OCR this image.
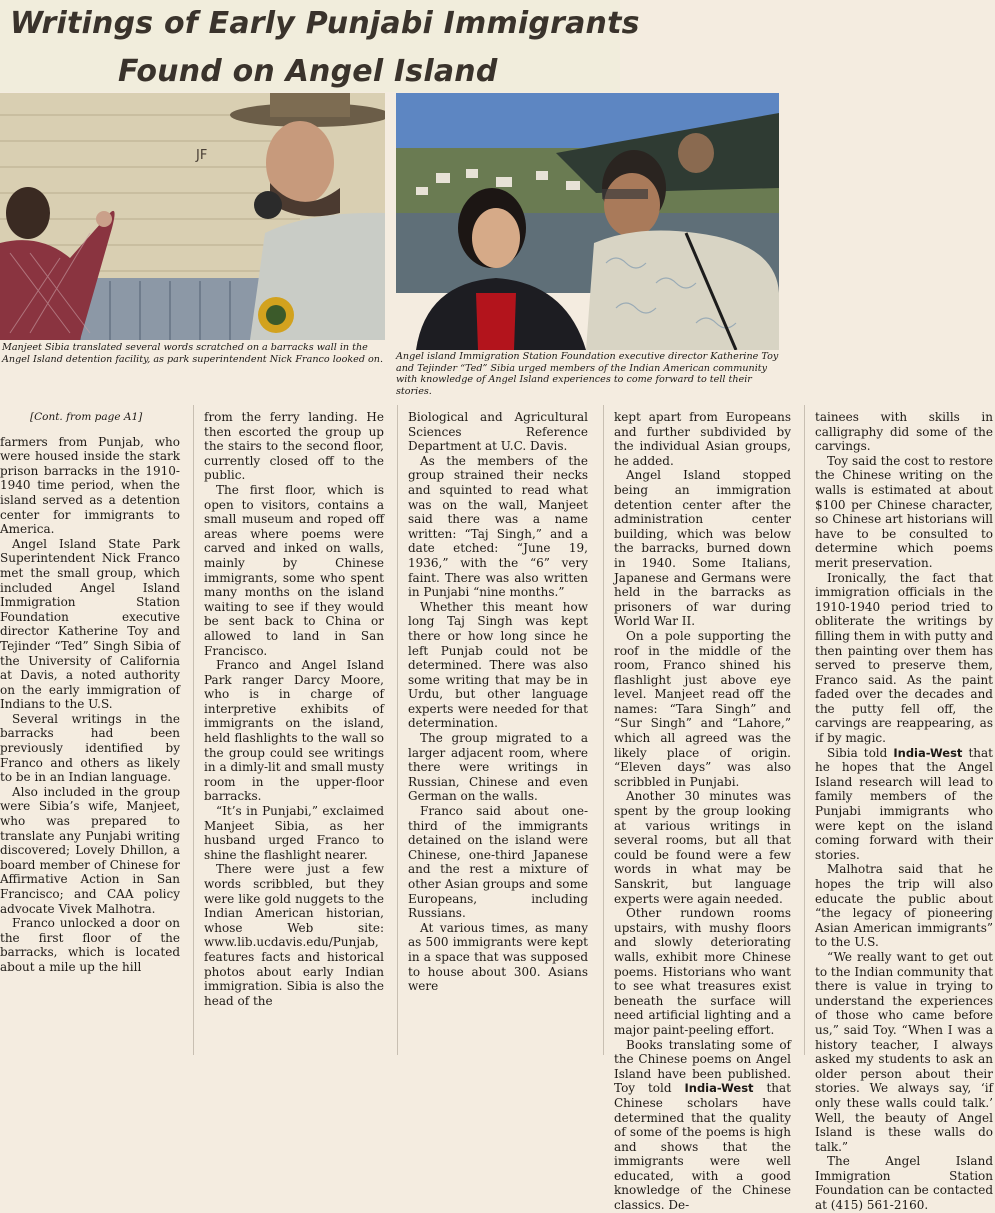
Writings of Early Punjabi Immigrants
Found on Angel Island
JF

Manjeet Sibia translated several words scratched on a barracks wall in the Angel Island detention facility, as park superintendent Nick Franco looked on.	Angel island Immigration Station Foundation executive director Katherine Toy and Tejinder “Ted” Sibia urged members of the Indian American community with knowledge of Angel Island experiences to come forward to tell their stories.

[Cont. from page A1]

farmers from Punjab, who were housed inside the stark prison barracks in the 1910-1940 time period, when the island served as a detention center for immigrants to America.

Angel Island State Park Superintendent Nick Franco met the small group, which included Angel Island Immigration Station Foundation executive director Katherine Toy and Tejinder “Ted” Singh Sibia of the University of California at Davis, a noted authority on the early immigration of Indians to the U.S.

Several writings in the barracks had been previously identified by Franco and others as likely to be in an Indian language.

Also included in the group were Sibia’s wife, Manjeet, who was prepared to translate any Punjabi writing discovered; Lovely Dhillon, a board member of Chinese for Affirmative Action in San Francisco; and CAA policy advocate Vivek Malhotra.

Franco unlocked a door on the first floor of the barracks, which is located about a mile up the hill

from the ferry landing. He then escorted the group up the stairs to the second floor, currently closed off to the public.

The first floor, which is open to visitors, contains a small museum and roped off areas where poems were carved and inked on walls, mainly by Chinese immigrants, some who spent many months on the island waiting to see if they would be sent back to China or allowed to land in San Francisco.

Franco and Angel Island Park ranger Darcy Moore, who is in charge of interpretive exhibits of immigrants on the island, held flashlights to the wall so the group could see writings in a dimly-lit and small musty room in the upper-floor barracks.

“It’s in Punjabi,” exclaimed Manjeet Sibia, as her husband urged Franco to shine the flashlight nearer.

There were just a few words scribbled, but they were like gold nuggets to the Indian American historian, whose Web site: www.lib.ucdavis.edu/Punjab, features facts and historical photos about early Indian immigration. Sibia is also the head of the

Biological and Agricultural Sciences Reference Department at U.C. Davis.

As the members of the group strained their necks and squinted to read what was on the wall, Manjeet said there was a name written: “Taj Singh,” and a date etched: “June 19, 1936,” with the “6” very faint. There was also written in Punjabi “nine months.”

Whether this meant how long Taj Singh was kept there or how long since he left Punjab could not be determined. There was also some writing that may be in Urdu, but other language experts were needed for that determination.

The group migrated to a larger adjacent room, where there were writings in Russian, Chinese and even German on the walls.

Franco said about one-third of the immigrants detained on the island were Chinese, one-third Japanese and the rest a mixture of other Asian groups and some Europeans, including Russians.

At various times, as many as 500 immigrants were kept in a space that was supposed to house about 300. Asians were

kept apart from Europeans and further subdivided by the individual Asian groups, he added.

Angel Island stopped being an immigration detention center after the administration center building, which was below the barracks, burned down in 1940. Some Italians, Japanese and Germans were held in the barracks as prisoners of war during World War II.

On a pole supporting the roof in the middle of the room, Franco shined his flashlight just above eye level. Manjeet read off the names: “Tara Singh” and “Sur Singh” and “Lahore,” which all agreed was the likely place of origin. “Eleven days” was also scribbled in Punjabi.

Another 30 minutes was spent by the group looking at various writings in several rooms, but all that could be found were a few words in what may be Sanskrit, but language experts were again needed.

Other rundown rooms upstairs, with mushy floors and slowly deteriorating walls, exhibit more Chinese poems. Historians who want to see what treasures exist beneath the surface will need artificial lighting and a major paint-peeling effort.

Books translating some of the Chinese poems on Angel Island have been published. Toy told India-West that Chinese scholars have determined that the quality of some of the poems is high and shows that the immigrants were well educated, with a good knowledge of the Chinese classics. De-

tainees with skills in calligraphy did some of the carvings.

Toy said the cost to restore the Chinese writing on the walls is estimated at about $100 per Chinese character, so Chinese art historians will have to be consulted to determine which poems merit preservation.

Ironically, the fact that immigration officials in the 1910-1940 period tried to obliterate the writings by filling them in with putty and then painting over them has served to preserve them, Franco said. As the paint faded over the decades and the putty fell off, the carvings are reappearing, as if by magic.

Sibia told India-West that he hopes that the Angel Island research will lead to family members of the Punjabi immigrants who were kept on the island coming forward with their stories.

Malhotra said that he hopes the trip will also educate the public about “the legacy of pioneering Asian American immigrants” to the U.S.

“We really want to get out to the Indian community that there is value in trying to understand the experiences of those who came before us,” said Toy. “When I was a history teacher, I always asked my students to ask an older person about their stories. We always say, ‘if only these walls could talk.’ Well, the beauty of Angel Island is these walls do talk.”

The Angel Island Immigration Station Foundation can be contacted at (415) 561-2160.
